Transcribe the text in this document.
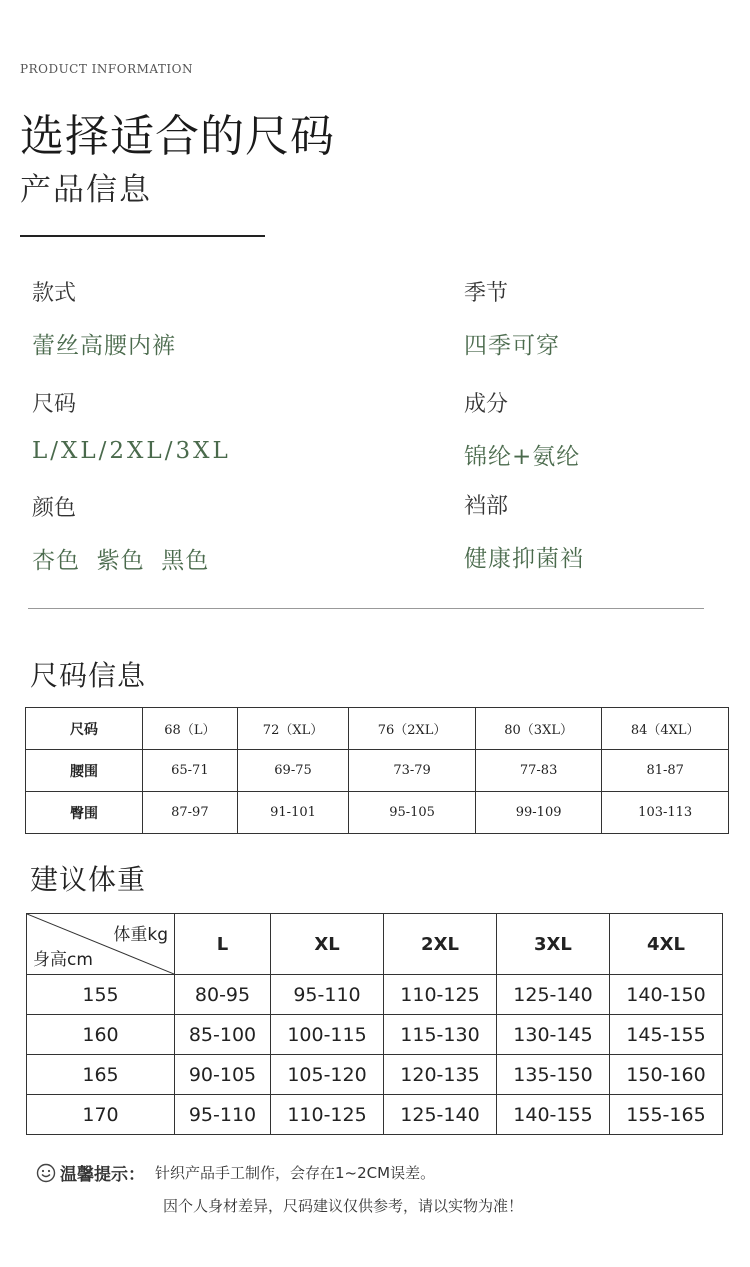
PRODUCT INFORMATION
选择适合的尺码
产品信息
款式
蕾丝高腰内裤
季节
四季可穿
尺码
L/XL/2XL/3XL
成分
锦纶+氨纶
颜色
杏色  紫色  黑色
裆部
健康抑菌裆
尺码信息
尺码	68（L）	72（XL）	76（2XL）	80（3XL）	84（4XL）
腰围	65-71	69-75	73-79	77-83	81-87
臀围	87-97	91-101	95-105	99-109	103-113
建议体重
体重kg
身高cm	L	XL	2XL	3XL	4XL
155	80-95	95-110	110-125	125-140	140-150
160	85-100	100-115	115-130	130-145	145-155
165	90-105	105-120	120-135	135-150	150-160
170	95-110	110-125	125-140	140-155	155-165
温馨提示： 针织产品手工制作，会存在1~2CM误差。
因个人身材差异，尺码建议仅供参考，请以实物为准！
